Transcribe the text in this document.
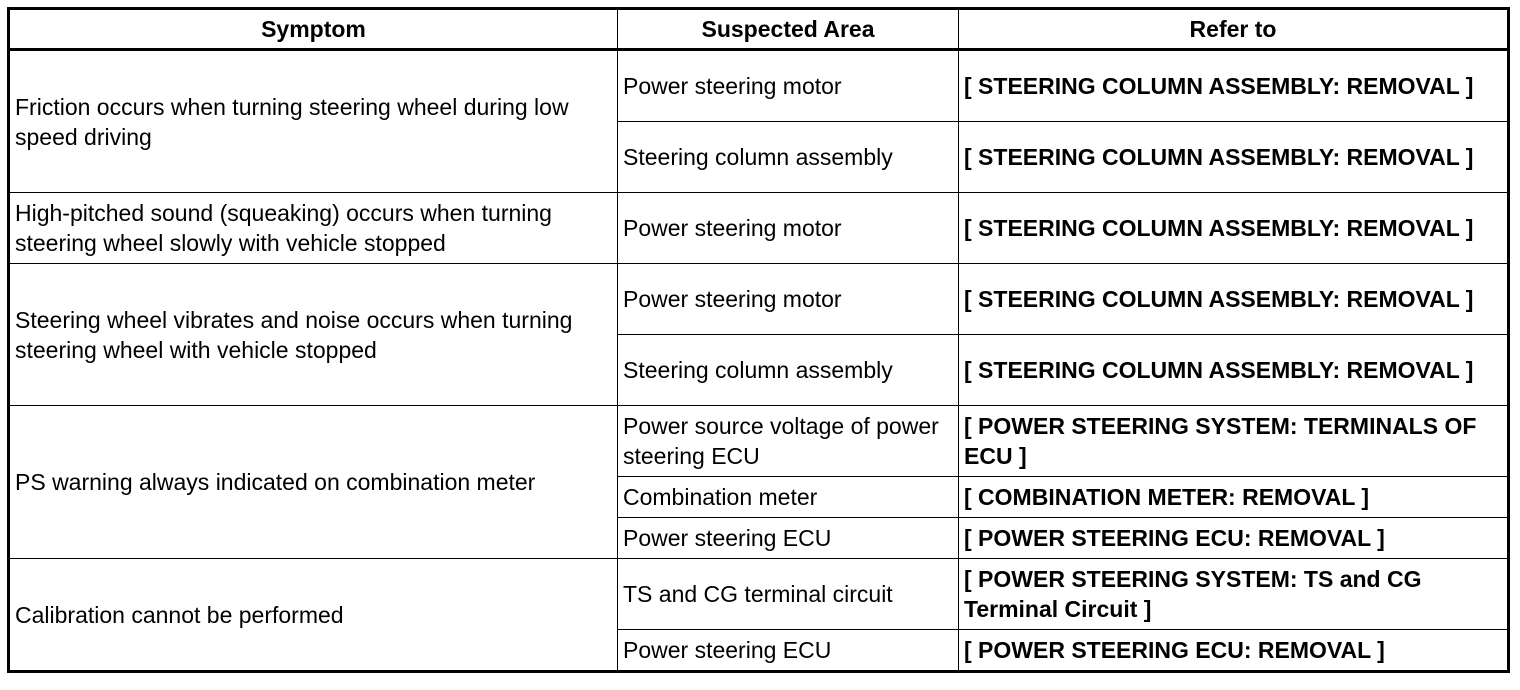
Symptom	Suspected Area	Refer to
Friction occurs when turning steering wheel during low speed driving	Power steering motor	[ STEERING COLUMN ASSEMBLY: REMOVAL ]
	Steering column assembly	[ STEERING COLUMN ASSEMBLY: REMOVAL ]
High-pitched sound (squeaking) occurs when turning steering wheel slowly with vehicle stopped	Power steering motor	[ STEERING COLUMN ASSEMBLY: REMOVAL ]
Steering wheel vibrates and noise occurs when turning steering wheel with vehicle stopped	Power steering motor	[ STEERING COLUMN ASSEMBLY: REMOVAL ]
	Steering column assembly	[ STEERING COLUMN ASSEMBLY: REMOVAL ]
PS warning always indicated on combination meter	Power source voltage of power steering ECU	[ POWER STEERING SYSTEM: TERMINALS OF ECU ]
	Combination meter	[ COMBINATION METER: REMOVAL ]
	Power steering ECU	[ POWER STEERING ECU: REMOVAL ]
Calibration cannot be performed	TS and CG terminal circuit	[ POWER STEERING SYSTEM: TS and CG Terminal Circuit ]
	Power steering ECU	[ POWER STEERING ECU: REMOVAL ]
